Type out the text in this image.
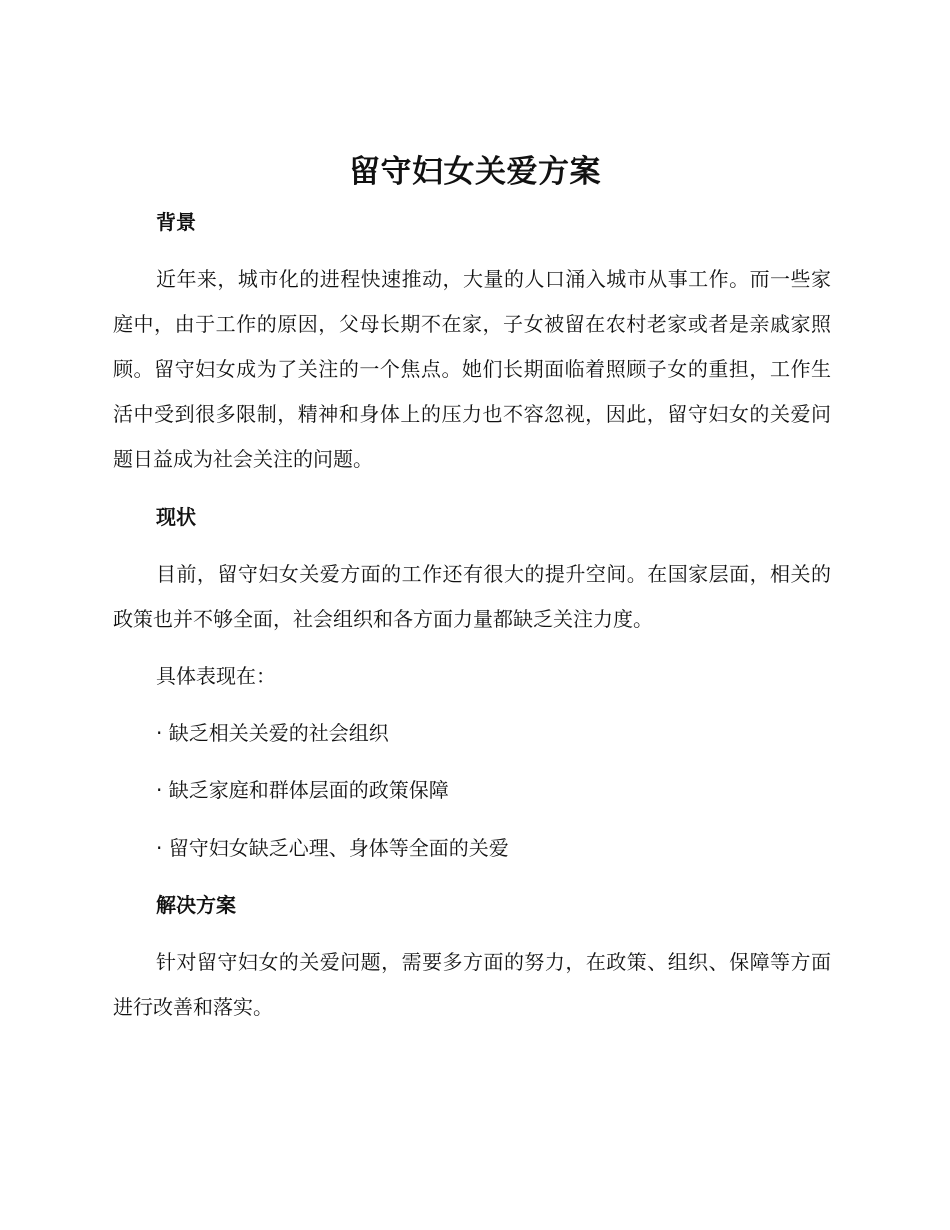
留守妇女关爱方案
背景
近年来，城市化的进程快速推动，大量的人口涌入城市从事工作。而一些家庭中，由于工作的原因，父母长期不在家，子女被留在农村老家或者是亲戚家照顾。留守妇女成为了关注的一个焦点。她们长期面临着照顾子女的重担，工作生活中受到很多限制，精神和身体上的压力也不容忽视，因此，留守妇女的关爱问题日益成为社会关注的问题。
现状
目前，留守妇女关爱方面的工作还有很大的提升空间。在国家层面，相关的政策也并不够全面，社会组织和各方面力量都缺乏关注力度。
具体表现在：
· 缺乏相关关爱的社会组织
· 缺乏家庭和群体层面的政策保障
· 留守妇女缺乏心理、身体等全面的关爱
解决方案
针对留守妇女的关爱问题，需要多方面的努力，在政策、组织、保障等方面进行改善和落实。
